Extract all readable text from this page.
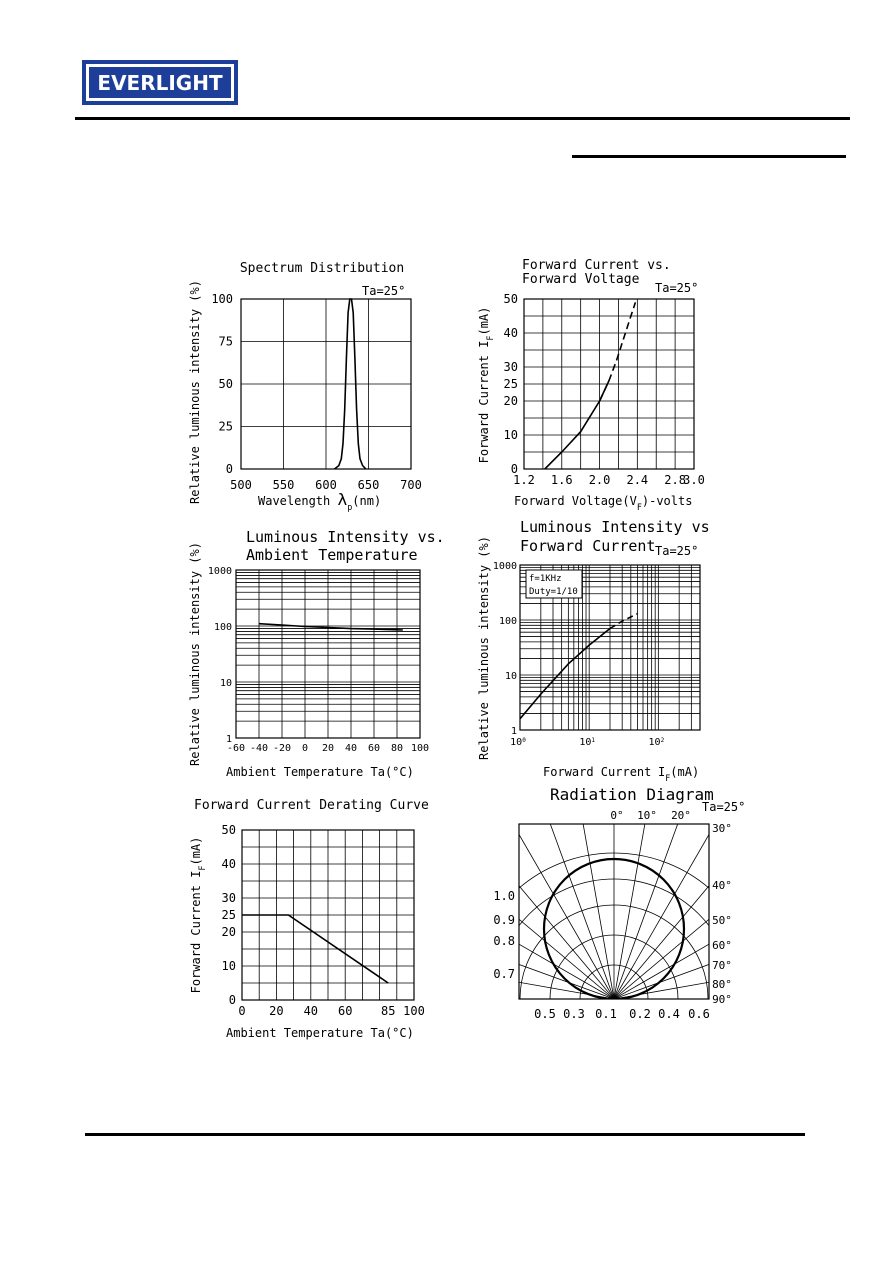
EVERLIGHT
500 550 600 650 700
0
25
50
75
100
Spectrum Distribution
Ta=25°
Wavelength $\lambda_p(nm)$
Relative luminous intensity (%)	1.2 1.6 2.0 2.4 2.8
3.0
0
10
20
25
30
40
50
Forward Current vs.
Forward Voltage
Ta=25°
Forward $Voltage(V_F)$-volts
Forward Current $I_F(mA)$
-60 -40 -20 0 20 40 60 80 100
1
10
100
1000
Luminous Intensity vs.
Ambient Temperature
Ambient Temperature Ta(°C)
Relative luminous intensity (%)	$10^0$	$10^1$	$10^2$
1
10
100
1000
f=1KHz
Duty=1/10
Luminous Intensity vs
Forward Current Ta=25°
Forward Current $I_F(mA)$
Relative luminous intensity (%)
0 20 40 60 85 100
0
10
20
25
30
40
50
Forward Current Derating Curve
Ambient Temperature Ta(°C)
Forward Current $I_F(mA)$
Radiation Diagram
Ta=25°
0° 10° 20°
30°
40°
50°
60°
70°
80°
90°
1.0
0.9
0.8
0.7
0.5 0.3 0.1 0.2 0.4 0.6
